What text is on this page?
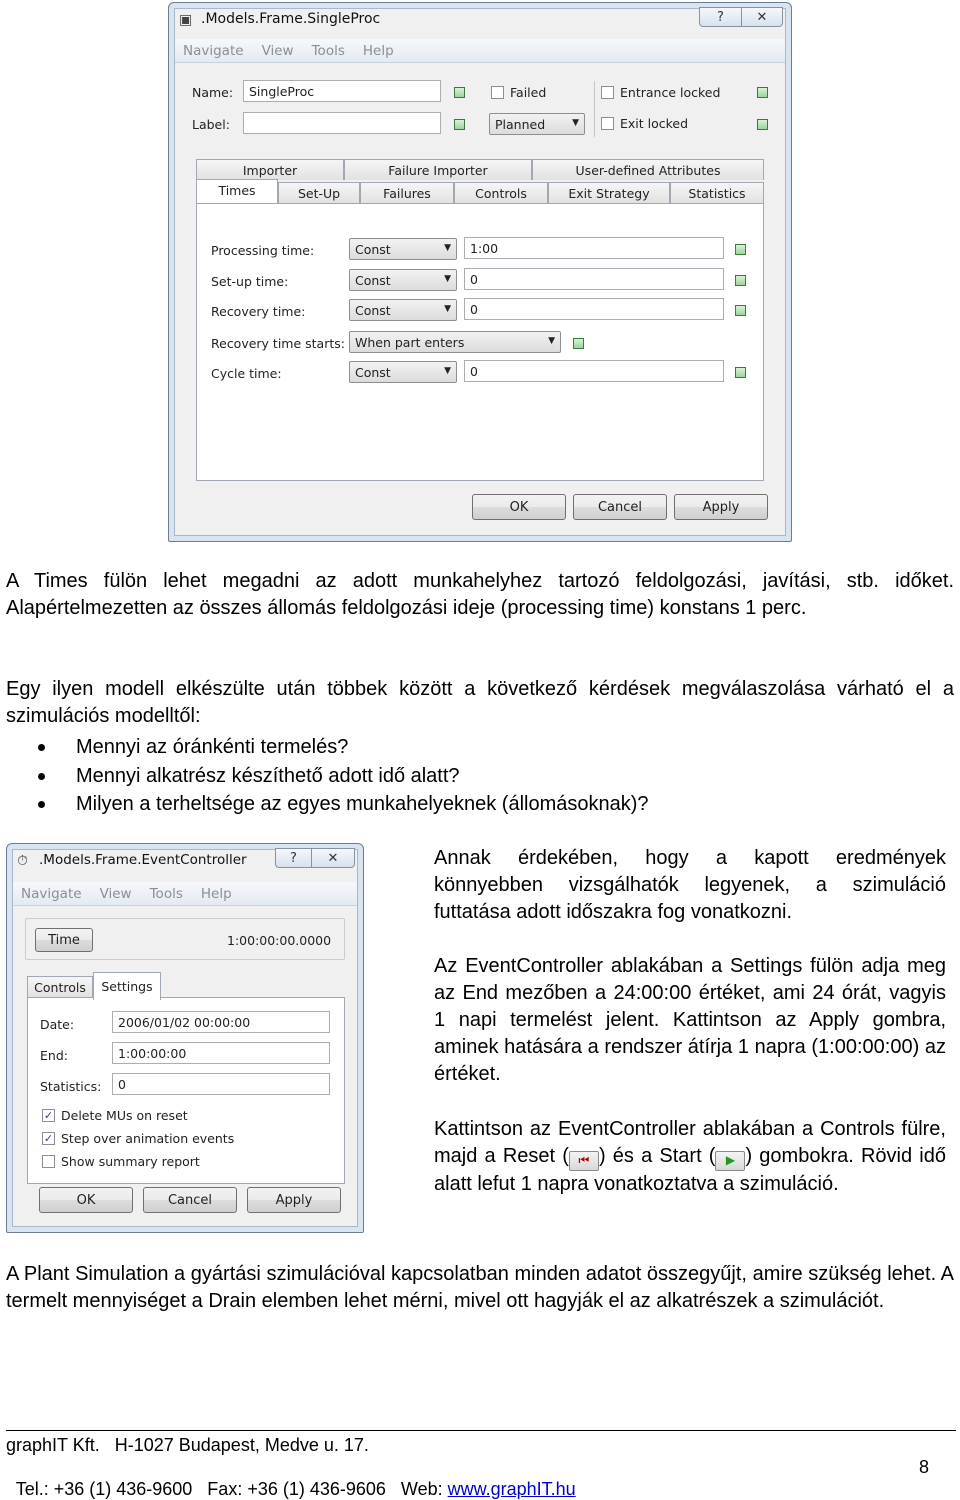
▣ .Models.Frame.SingleProc	?	✕
Navigate View Tools Help
Name:	SingleProc
Label:
Failed
Planned	▼
Entrance locked
Exit locked
Importer	Failure Importer	User-defined Attributes
Times	Set-Up	Failures	Controls	Exit Strategy	Statistics
Processing time:	Const	▼	1:00
Set-up time:	Const	▼	0
Recovery time:	Const	▼	0
Recovery time starts: When part enters	▼
Cycle time:	Const	▼	0
OK	Cancel	Apply
A Times fülön lehet megadni az adott munkahelyhez tartozó feldolgozási, javítási, stb. időket. Alapértelmezetten az összes állomás feldolgozási ideje (processing time) konstans 1 perc.
Egy ilyen modell elkészülte után többek között a következő kérdések megválaszolása várható el a szimulációs modelltől:
Mennyi az óránkénti termelés?
Mennyi alkatrész készíthető adott idő alatt?
Milyen a terheltsége az egyes munkahelyeknek (állomásoknak)?
⏱ .Models.Frame.EventController	?	✕
Navigate View Tools Help
Time	1:00:00:00.0000
Controls	Settings
Date:	2006/01/02 00:00:00
End:	1:00:00:00
Statistics:	0
✓ Delete MUs on reset
✓ Step over animation events
Show summary report
OK	Cancel	Apply
Annak érdekében, hogy a kapott eredmények könnyebben vizsgálhatók legyenek, a szimuláció futtatása adott időszakra fog vonatkozni.
Az EventController ablakában a Settings fülön adja meg az End mezőben a 24:00:00 értéket, ami 24 órát, vagyis 1 napi termelést jelent. Kattintson az Apply gombra, aminek hatására a rendszer átírja 1 napra (1:00:00:00) az értéket.
Kattintson az EventController ablakában a Controls fülre, majd a Reset ( ⏮ ) és a Start ( ▶ ) gombokra. Rövid idő alatt lefut 1 napra vonatkoztatva a szimuláció.
A Plant Simulation a gyártási szimulációval kapcsolatban minden adatot összegyűjt, amire szükség lehet. A termelt mennyiséget a Drain elemben lehet mérni, mivel ott hagyják el az alkatrészek a szimulációt.
graphIT Kft.   H-1027 Budapest, Medve u. 17.

Tel.: +36 (1) 436-9600   Fax: +36 (1) 436-9606   Web: www.graphIT.hu

8
